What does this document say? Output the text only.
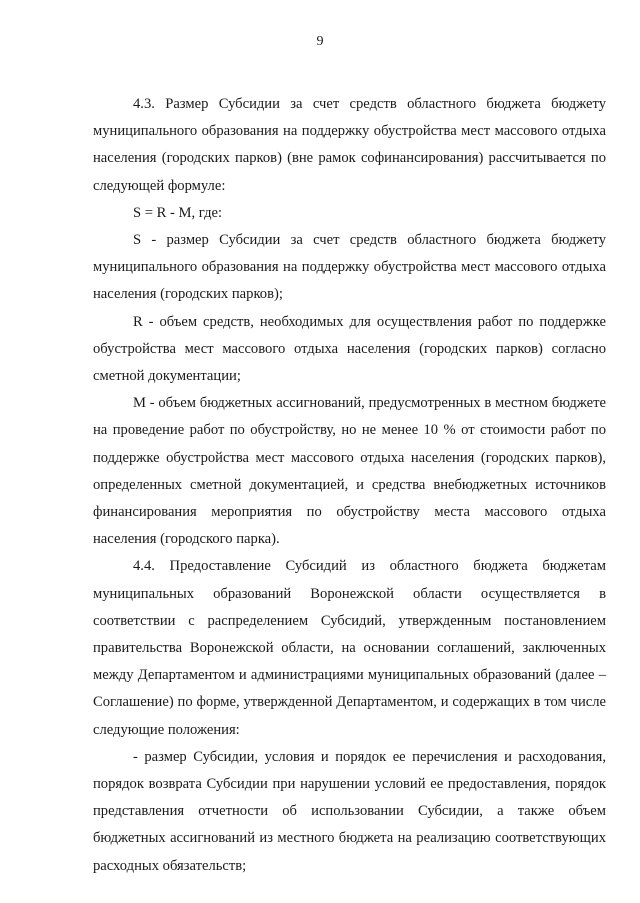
9

4.3. Размер Субсидии за счет средств областного бюджета бюджету муниципального образования на поддержку обустройства мест массового отдыха населения (городских парков) (вне рамок софинансирования) рассчитывается по следующей формуле:

S = R - M, где:

S - размер Субсидии за счет средств областного бюджета бюджету муниципального образования на поддержку обустройства мест массового отдыха населения (городских парков);

R - объем средств, необходимых для осуществления работ по поддержке обустройства мест массового отдыха населения (городских парков) согласно сметной документации;

M - объем бюджетных ассигнований, предусмотренных в местном бюджете на проведение работ по обустройству, но не менее 10 % от стоимости работ по поддержке обустройства мест массового отдыха населения (городских парков), определенных сметной документацией, и средства внебюджетных источников финансирования мероприятия по обустройству места массового отдыха населения (городского парка).

4.4. Предоставление Субсидий из областного бюджета бюджетам муниципальных образований Воронежской области осуществляется в соответствии с распределением Субсидий, утвержденным постановлением правительства Воронежской области, на основании соглашений, заключенных между Департаментом и администрациями муниципальных образований (далее – Соглашение) по форме, утвержденной Департаментом, и содержащих в том числе следующие положения:

- размер Субсидии, условия и порядок ее перечисления и расходования, порядок возврата Субсидии при нарушении условий ее предоставления, порядок представления отчетности об использовании Субсидии, а также объем бюджетных ассигнований из местного бюджета на реализацию соответствующих расходных обязательств;
